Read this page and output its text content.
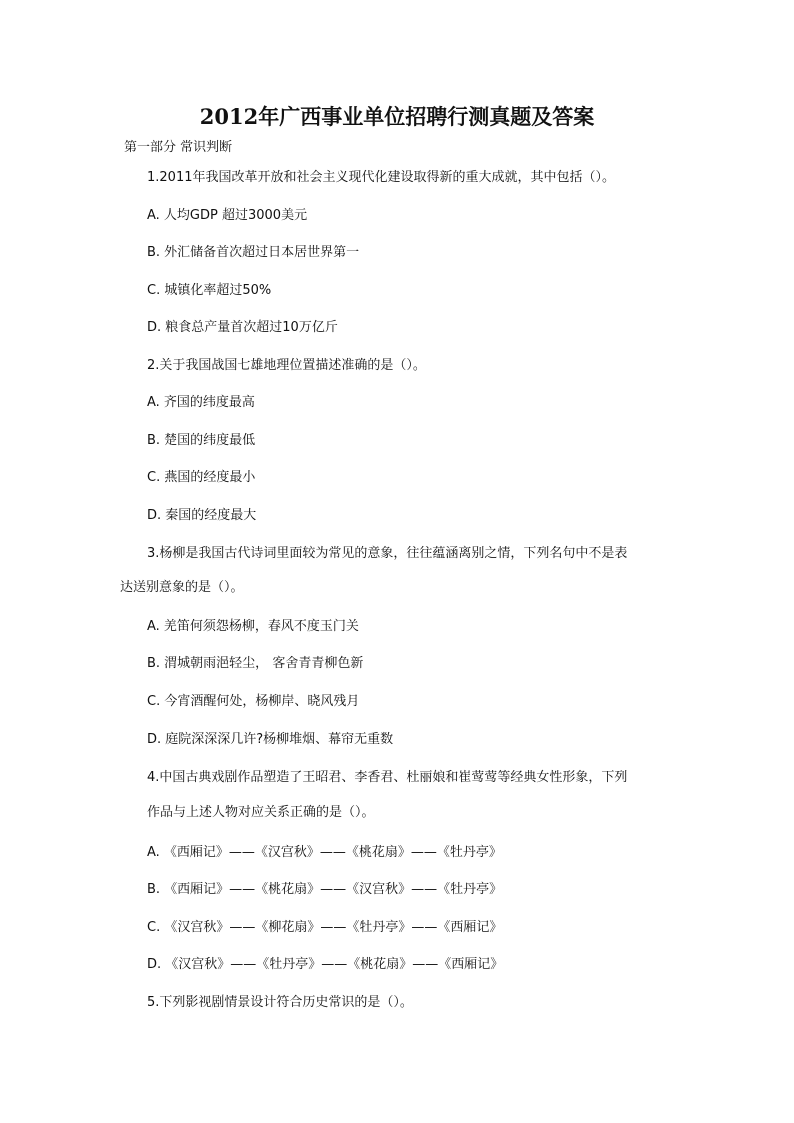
2012年广西事业单位招聘行测真题及答案
第一部分 常识判断
1.2011年我国改革开放和社会主义现代化建设取得新的重大成就，其中包括（）。
A. 人均GDP 超过3000美元
B. 外汇储备首次超过日本居世界第一
C. 城镇化率超过50%
D. 粮食总产量首次超过10万亿斤
2.关于我国战国七雄地理位置描述准确的是（）。
A. 齐国的纬度最高
B. 楚国的纬度最低
C. 燕国的经度最小
D. 秦国的经度最大
3.杨柳是我国古代诗词里面较为常见的意象，往往蕴涵离别之情，下列名句中不是表
达送别意象的是（）。
A. 羌笛何须怨杨柳，春风不度玉门关
B. 渭城朝雨浥轻尘， 客舍青青柳色新
C. 今宵酒醒何处，杨柳岸、晓风残月
D. 庭院深深深几许?杨柳堆烟、幕帘无重数
4.中国古典戏剧作品塑造了王昭君、李香君、杜丽娘和崔莺莺等经典女性形象，下列
作品与上述人物对应关系正确的是（）。
A. 《西厢记》——《汉宫秋》——《桃花扇》——《牡丹亭》
B. 《西厢记》——《桃花扇》——《汉宫秋》——《牡丹亭》
C. 《汉宫秋》——《柳花扇》——《牡丹亭》——《西厢记》
D. 《汉宫秋》——《牡丹亭》——《桃花扇》——《西厢记》
5.下列影视剧情景设计符合历史常识的是（）。
